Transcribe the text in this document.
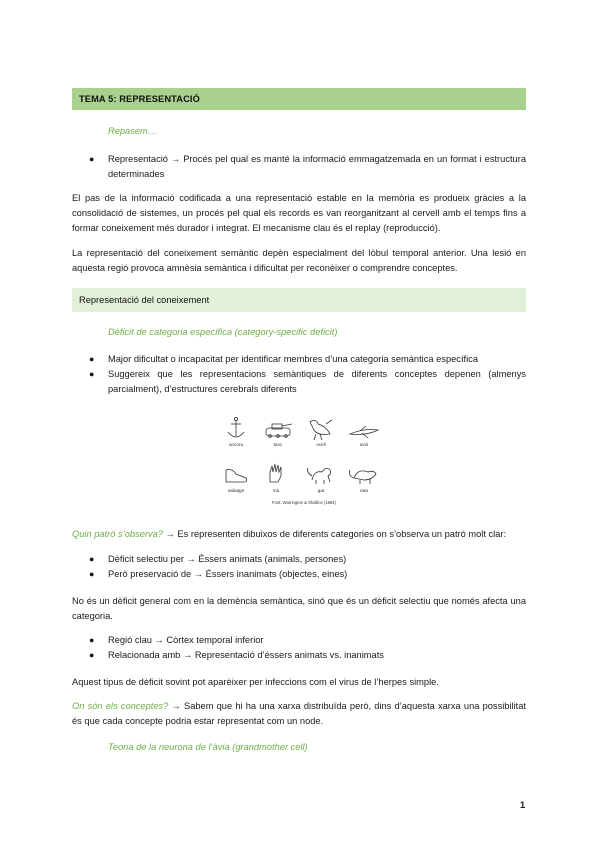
TEMA 5: REPRESENTACIÓ
Repasem…
● Representació → Procés pel qual es manté la informació emmagatzemada en un format i estructura determinades
El pas de la informació codificada a una representació estable en la memòria es produeix gràcies a la consolidació de sistemes, un procés pel qual els records es van reorganitzant al cervell amb el temps fins a formar coneixement més durador i integrat. El mecanisme clau és el replay (reproducció).
La representació del coneixement semàntic depèn especialment del lòbul temporal anterior. Una lesió en aquesta regió provoca amnèsia semàntica i dificultat per reconèixer o comprendre conceptes.
Representació del coneixement
Dèficit de categoria específica (category-specific deficit)
● Major dificultat o incapacitat per identificar membres d’una categoria semàntica específica
● Suggereix que les representacions semàntiques de diferents conceptes depenen (almenys parcialment), d’estructures cerebrals diferents
ancora	tanc	ocell	avió
sabatge	mà	gat	rata
Font: Warrington & Shallice (1984)
Quin patró s’observa? → Es representen dibuixos de diferents categories on s’observa un patró molt clar:
● Dèficit selectiu per → Éssers animats (animals, persones)
● Però preservació de → Éssers inanimats (objectes, eines)
No és un dèficit general com en la demència semàntica, sinó que és un dèficit selectiu que només afecta una categoria.
● Regió clau → Còrtex temporal inferior
● Relacionada amb → Representació d’éssers animats vs. inanimats
Aquest tipus de dèficit sovint pot aparèixer per infeccions com el virus de l’herpes simple.
On són els conceptes? → Sabem que hi ha una xarxa distribuïda però, dins d’aquesta xarxa una possibilitat és que cada concepte podria estar representat com un node.
Teoria de la neurona de l’àvia (grandmother cell)
1
